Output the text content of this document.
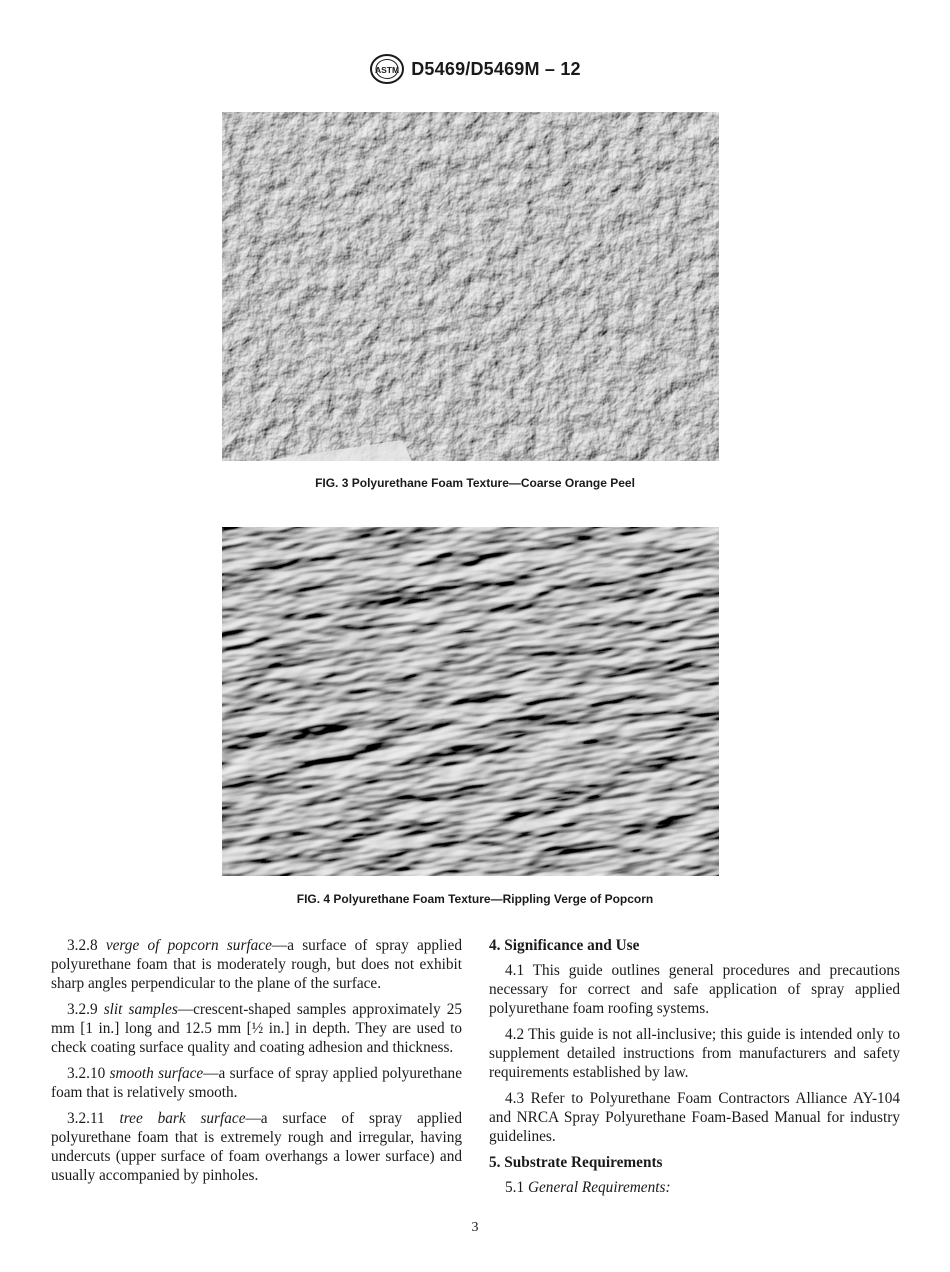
ASTM D5469/D5469M – 12
FIG. 3 Polyurethane Foam Texture—Coarse Orange Peel
FIG. 4 Polyurethane Foam Texture—Rippling Verge of Popcorn

3.2.8 verge of popcorn surface—a surface of spray applied polyurethane foam that is moderately rough, but does not exhibit sharp angles perpendicular to the plane of the surface.

3.2.9 slit samples—crescent-shaped samples approximately 25 mm [1 in.] long and 12.5 mm [½ in.] in depth. They are used to check coating surface quality and coating adhesion and thickness.

3.2.10 smooth surface—a surface of spray applied polyurethane foam that is relatively smooth.

3.2.11 tree bark surface—a surface of spray applied polyurethane foam that is extremely rough and irregular, having undercuts (upper surface of foam overhangs a lower surface) and usually accompanied by pinholes.

4. Significance and Use

4.1 This guide outlines general procedures and precautions necessary for correct and safe application of spray applied polyurethane foam roofing systems.

4.2 This guide is not all-inclusive; this guide is intended only to supplement detailed instructions from manufacturers and safety requirements established by law.

4.3 Refer to Polyurethane Foam Contractors Alliance AY-104 and NRCA Spray Polyurethane Foam-Based Manual for industry guidelines.

5. Substrate Requirements

5.1 General Requirements:

3
